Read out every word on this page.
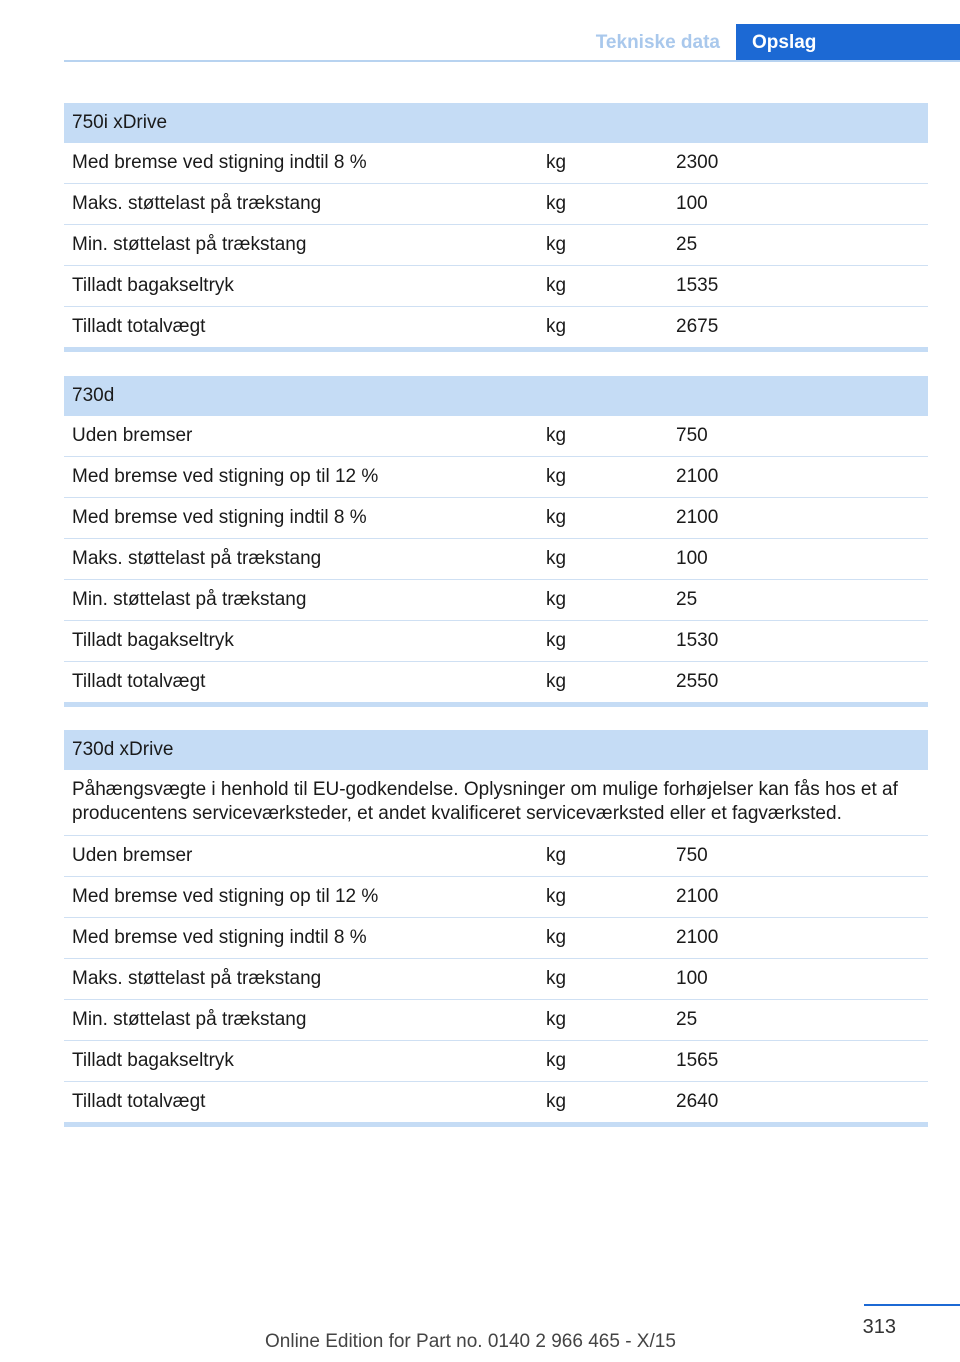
Tekniske data	Opslag
750i xDrive		
Med bremse ved stigning indtil 8 %	kg	2300
Maks. støttelast på trækstang	kg	100
Min. støttelast på trækstang	kg	25
Tilladt bagakseltryk	kg	1535
Tilladt totalvægt	kg	2675
730d		
Uden bremser	kg	750
Med bremse ved stigning op til 12 %	kg	2100
Med bremse ved stigning indtil 8 %	kg	2100
Maks. støttelast på trækstang	kg	100
Min. støttelast på trækstang	kg	25
Tilladt bagakseltryk	kg	1530
Tilladt totalvægt	kg	2550
730d xDrive		
Påhængsvægte i henhold til EU-godkendelse. Oplysninger om mulige forhøjelser kan fås hos et af producentens serviceværksteder, et andet kvalificeret serviceværksted eller et fagværksted.		
Uden bremser	kg	750
Med bremse ved stigning op til 12 %	kg	2100
Med bremse ved stigning indtil 8 %	kg	2100
Maks. støttelast på trækstang	kg	100
Min. støttelast på trækstang	kg	25
Tilladt bagakseltryk	kg	1565
Tilladt totalvægt	kg	2640
313
Online Edition for Part no. 0140 2 966 465 - X/15
